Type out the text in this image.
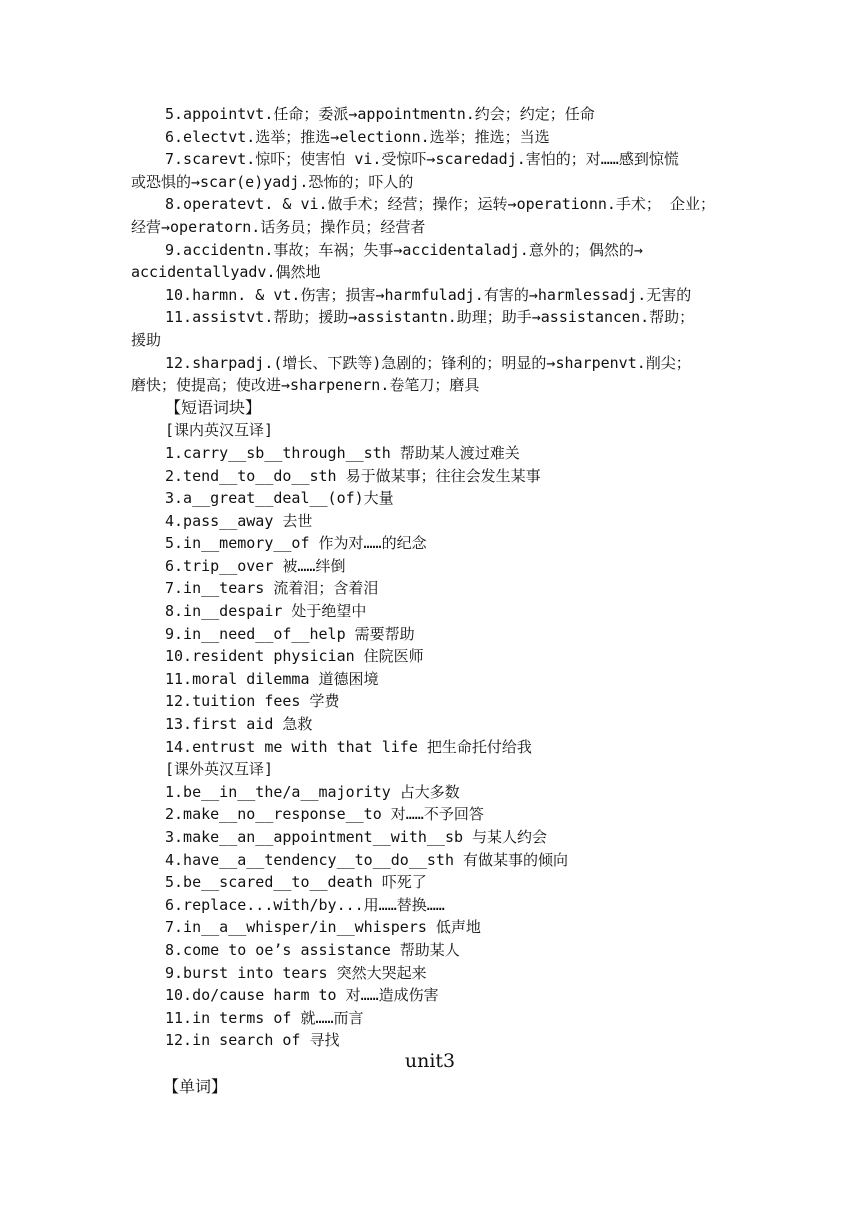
5.appointvt.任命；委派→appointmentn.约会；约定；任命
6.electvt.选举；推选→electionn.选举；推选；当选
7.scarevt.惊吓；使害怕 vi.受惊吓→scaredadj.害怕的；对……感到惊慌
或恐惧的→scar(e)yadj.恐怖的；吓人的
8.operatevt. & vi.做手术；经营；操作；运转→operationn.手术； 企业；
经营→operatorn.话务员；操作员；经营者
9.accidentn.事故；车祸；失事→accidentaladj.意外的；偶然的→
accidentallyadv.偶然地
10.harmn. & vt.伤害；损害→harmfuladj.有害的→harmlessadj.无害的
11.assistvt.帮助；援助→assistantn.助理；助手→assistancen.帮助；
援助
12.sharpadj.(增长、下跌等)急剧的；锋利的；明显的→sharpenvt.削尖；
磨快；使提高；使改进→sharpenern.卷笔刀；磨具
【短语词块】
[课内英汉互译]
1.carry__sb__through__sth 帮助某人渡过难关
2.tend__to__do__sth 易于做某事；往往会发生某事
3.a__great__deal__(of)大量
4.pass__away 去世
5.in__memory__of 作为对……的纪念
6.trip__over 被……绊倒
7.in__tears 流着泪；含着泪
8.in__despair 处于绝望中
9.in__need__of__help 需要帮助
10.resident physician 住院医师
11.moral dilemma 道德困境
12.tuition fees 学费
13.first aid 急救
14.entrust me with that life 把生命托付给我
[课外英汉互译]
1.be__in__the/a__majority 占大多数
2.make__no__response__to 对……不予回答
3.make__an__appointment__with__sb 与某人约会
4.have__a__tendency__to__do__sth 有做某事的倾向
5.be__scared__to__death 吓死了
6.replace...with/by...用……替换……
7.in__a__whisper/in__whispers 低声地
8.come to oe’s assistance 帮助某人
9.burst into tears 突然大哭起来
10.do/cause harm to 对……造成伤害
11.in terms of 就……而言
12.in search of 寻找
unit3
【单词】
